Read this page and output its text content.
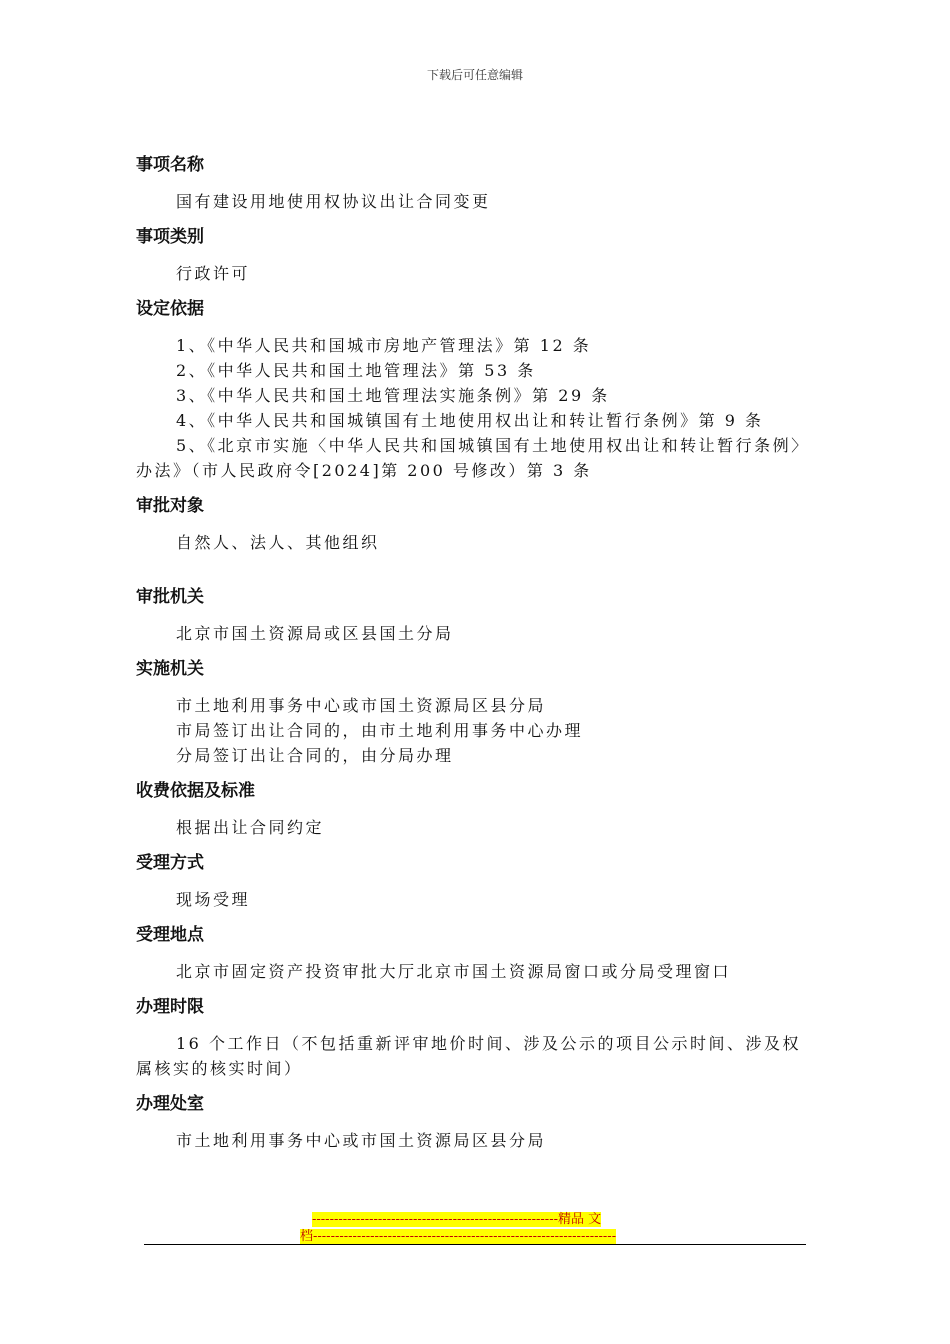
下载后可任意编辑
事项名称
国有建设用地使用权协议出让合同变更
事项类别
行政许可
设定依据
1、《中华人民共和国城市房地产管理法》第 12 条
2、《中华人民共和国土地管理法》第 53 条
3、《中华人民共和国土地管理法实施条例》第 29 条
4、《中华人民共和国城镇国有土地使用权出让和转让暂行条例》第 9 条
5、《北京市实施〈中华人民共和国城镇国有土地使用权出让和转让暂行条例〉办法》（市人民政府令[2024]第 200 号修改）第 3 条
审批对象
自然人、法人、其他组织
审批机关
北京市国土资源局或区县国土分局
实施机关
市土地利用事务中心或市国土资源局区县分局
市局签订出让合同的，由市土地利用事务中心办理
分局签订出让合同的，由分局办理
收费依据及标准
根据出让合同约定
受理方式
现场受理
受理地点
北京市固定资产投资审批大厅北京市国土资源局窗口或分局受理窗口
办理时限
16 个工作日（不包括重新评审地价时间、涉及公示的项目公示时间、涉及权属核实的核实时间）
办理处室
市土地利用事务中心或市国土资源局区县分局
--------------------------------------------------------精品 文
档---------------------------------------------------------------------
